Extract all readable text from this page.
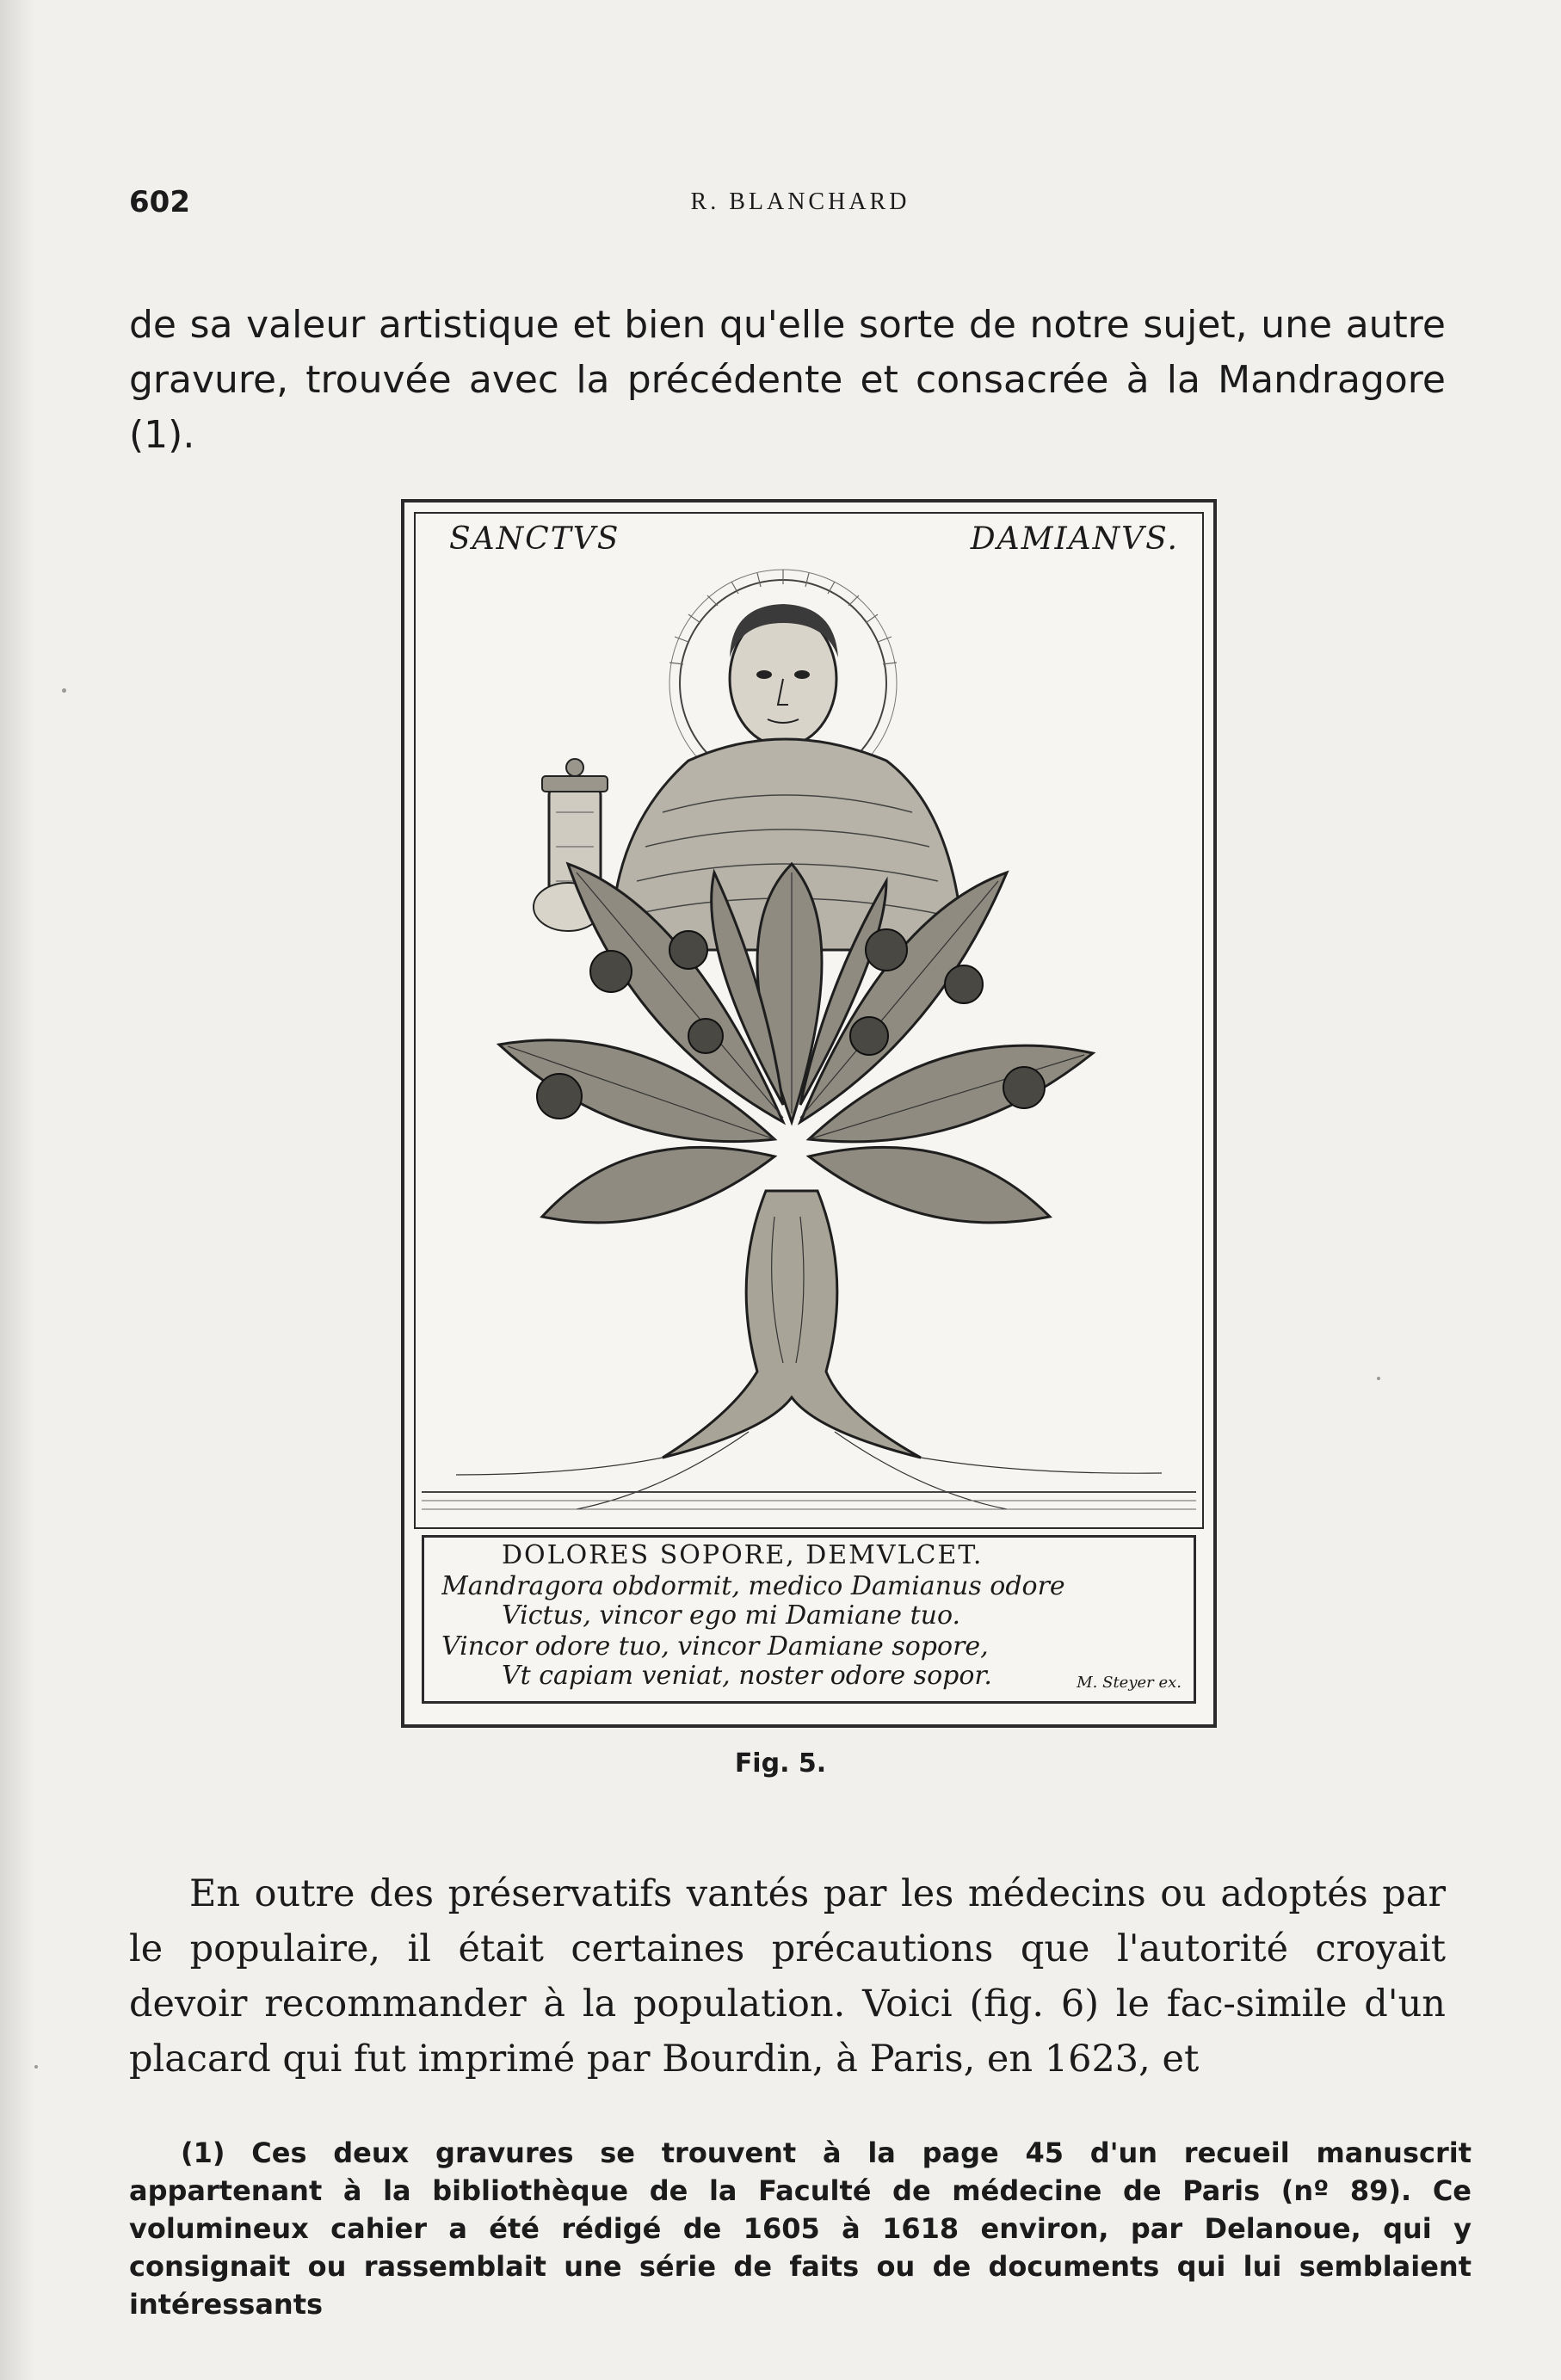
602	R. BLANCHARD

de sa valeur artistique et bien qu'elle sorte de notre sujet, une autre gravure, trouvée avec la précédente et consacrée à la Mandragore (1).

SANCTVS	DAMIANVS.
DOLORES SOPORE, DEMVLCET.
Mandragora obdormit, medico Damianus odore
Victus, vincor ego mi Damiane tuo.
Vincor odore tuo, vincor Damiane sopore,
Vt capiam veniat, noster odore sopor.	M. Steyer ex.
Fig. 5.

En outre des préservatifs vantés par les médecins ou adoptés par le populaire, il était certaines précautions que l'autorité croyait devoir recommander à la population. Voici (fig. 6) le fac-simile d'un placard qui fut imprimé par Bourdin, à Paris, en 1623, et

(1) Ces deux gravures se trouvent à la page 45 d'un recueil manuscrit appartenant à la bibliothèque de la Faculté de médecine de Paris (nº 89). Ce volumineux cahier a été rédigé de 1605 à 1618 environ, par Delanoue, qui y consignait ou rassemblait une série de faits ou de documents qui lui semblaient intéressants
